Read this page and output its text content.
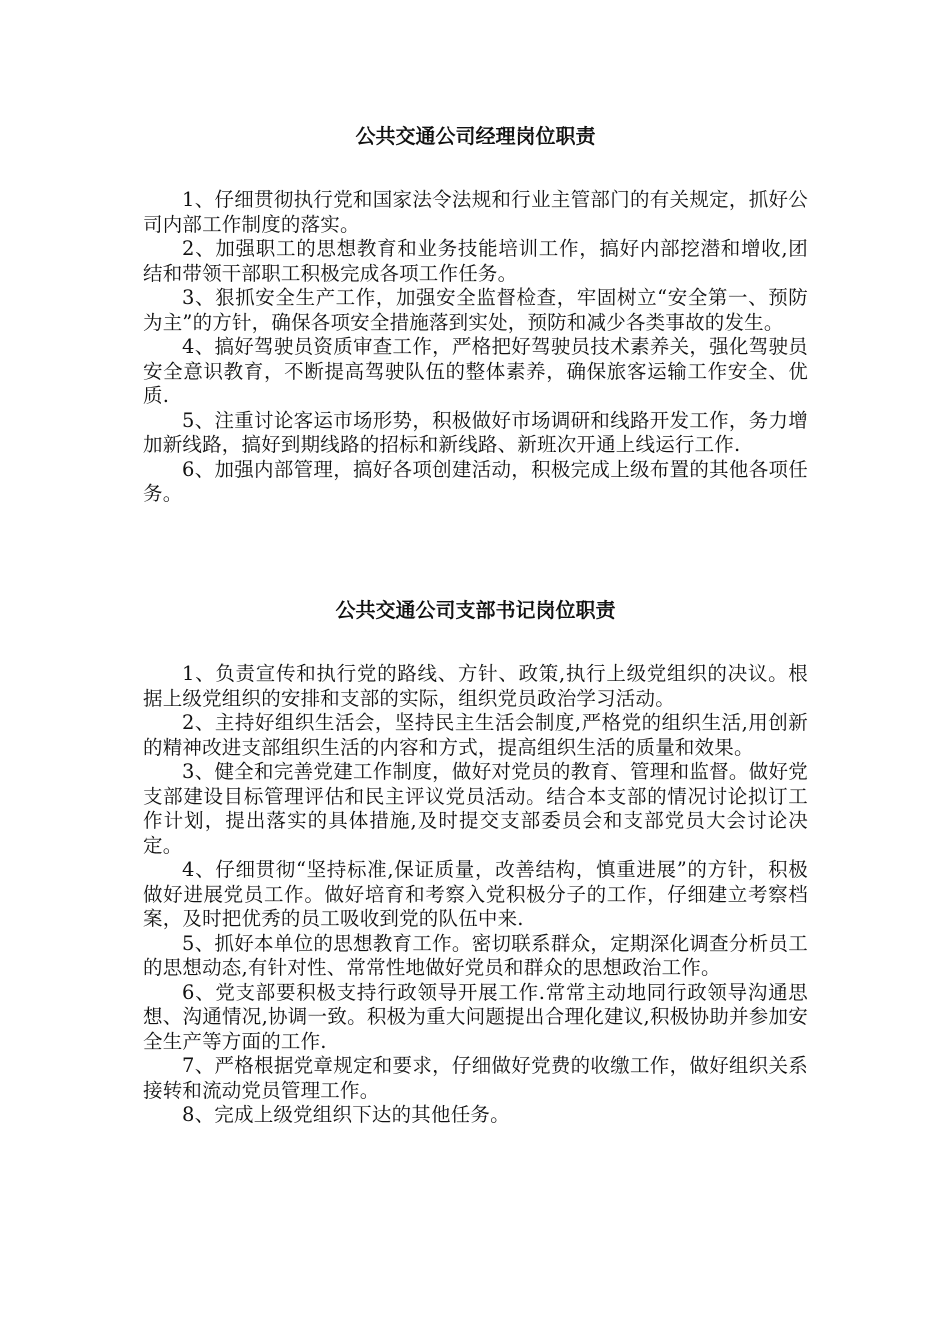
公共交通公司经理岗位职责

1、仔细贯彻执行党和国家法令法规和行业主管部门的有关规定，抓好公司内部工作制度的落实。

2、加强职工的思想教育和业务技能培训工作，搞好内部挖潜和增收,团结和带领干部职工积极完成各项工作任务。

3、狠抓安全生产工作，加强安全监督检查，牢固树立“安全第一、预防为主”的方针，确保各项安全措施落到实处，预防和减少各类事故的发生。

4、搞好驾驶员资质审查工作，严格把好驾驶员技术素养关，强化驾驶员安全意识教育，不断提高驾驶队伍的整体素养，确保旅客运输工作安全、优质.

5、注重讨论客运市场形势，积极做好市场调研和线路开发工作，务力增加新线路，搞好到期线路的招标和新线路、新班次开通上线运行工作.

6、加强内部管理，搞好各项创建活动，积极完成上级布置的其他各项任务。

公共交通公司支部书记岗位职责

1、负责宣传和执行党的路线、方针、政策,执行上级党组织的决议。根据上级党组织的安排和支部的实际，组织党员政治学习活动。

2、主持好组织生活会，坚持民主生活会制度,严格党的组织生活,用创新的精神改进支部组织生活的内容和方式，提高组织生活的质量和效果。

3、健全和完善党建工作制度，做好对党员的教育、管理和监督。做好党支部建设目标管理评估和民主评议党员活动。结合本支部的情况讨论拟订工作计划，提出落实的具体措施,及时提交支部委员会和支部党员大会讨论决定。

4、仔细贯彻“坚持标准,保证质量，改善结构，慎重进展”的方针，积极做好进展党员工作。做好培育和考察入党积极分子的工作，仔细建立考察档案，及时把优秀的员工吸收到党的队伍中来.

5、抓好本单位的思想教育工作。密切联系群众，定期深化调查分析员工的思想动态,有针对性、常常性地做好党员和群众的思想政治工作。

6、党支部要积极支持行政领导开展工作.常常主动地同行政领导沟通思想、沟通情况,协调一致。积极为重大问题提出合理化建议,积极协助并参加安全生产等方面的工作.

7、严格根据党章规定和要求，仔细做好党费的收缴工作，做好组织关系接转和流动党员管理工作。

8、完成上级党组织下达的其他任务。
